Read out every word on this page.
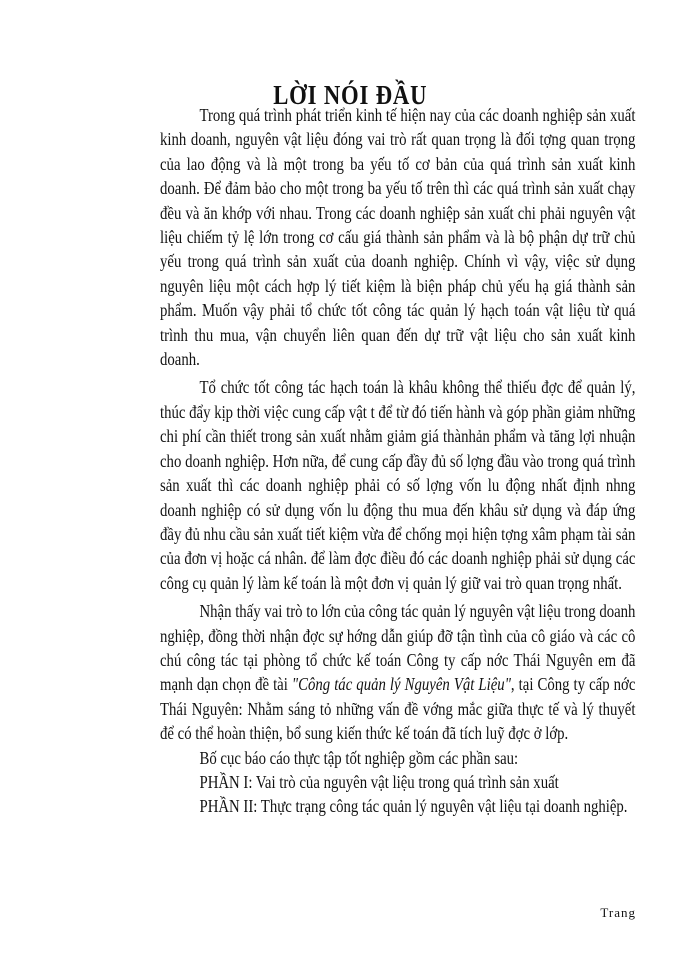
LỜI NÓI ĐẦU

Trong quá trình phát triển kinh tế hiện nay của các doanh nghiệp sản xuất kinh doanh, nguyên vật liệu đóng vai trò rất quan trọng là đối tợng quan trọng của lao động và là một trong ba yếu tố cơ bản của quá trình sản xuất kinh doanh. Để đảm bảo cho một trong ba yếu tố trên thì các quá trình sản xuất chạy đều và ăn khớp với nhau. Trong các doanh nghiệp sản xuất chi phải nguyên vật liệu chiếm tỷ lệ lớn trong cơ cấu giá thành sản phẩm và là bộ phận dự trữ chủ yếu trong quá trình sản xuất của doanh nghiệp. Chính vì vậy, việc sử dụng nguyên liệu một cách hợp lý tiết kiệm là biện pháp chủ yếu hạ giá thành sản phẩm. Muốn vậy phải tổ chức tốt công tác quản lý hạch toán vật liệu từ quá trình thu mua, vận chuyển liên quan đến dự trữ vật liệu cho sản xuất kinh doanh.

Tổ chức tốt công tác hạch toán là khâu không thể thiếu đợc để quản lý, thúc đẩy kịp thời việc cung cấp vật t để từ đó tiến hành và góp phần giảm những chi phí cần thiết trong sản xuất nhằm giảm giá thànhản phẩm và tăng lợi nhuận cho doanh nghiệp. Hơn nữa, để cung cấp đầy đủ số lợng đầu vào trong quá trình sản xuất thì các doanh nghiệp phải có số lợng vốn lu động nhất định nhng doanh nghiệp có sử dụng vốn lu động thu mua đến khâu sử dụng và đáp ứng đầy đủ nhu cầu sản xuất tiết kiệm vừa để chống mọi hiện tợng xâm phạm tài sản của đơn vị hoặc cá nhân. để làm đợc điều đó các doanh nghiệp phải sử dụng các công cụ quản lý làm kế toán là một đơn vị quản lý giữ vai trò quan trọng nhất.

Nhận thấy vai trò to lớn của công tác quản lý nguyên vật liệu trong doanh nghiệp, đồng thời nhận đợc sự hớng dẫn giúp đỡ tận tình của cô giáo và các cô chú công tác tại phòng tổ chức kế toán Công ty cấp nớc Thái Nguyên em đã mạnh dạn chọn đề tài "Công tác quản lý Nguyên Vật Liệu", tại Công ty cấp nớc Thái Nguyên: Nhằm sáng tỏ những vấn đề vớng mắc giữa thực tế và lý thuyết để có thể hoàn thiện, bổ sung kiến thức kế toán đã tích luỹ đợc ở lớp.

Bố cục báo cáo thực tập tốt nghiệp gồm các phần sau:

PHẦN I: Vai trò của nguyên vật liệu trong quá trình sản xuất

PHẦN II: Thực trạng công tác quản lý nguyên vật liệu tại doanh nghiệp.

Trang
